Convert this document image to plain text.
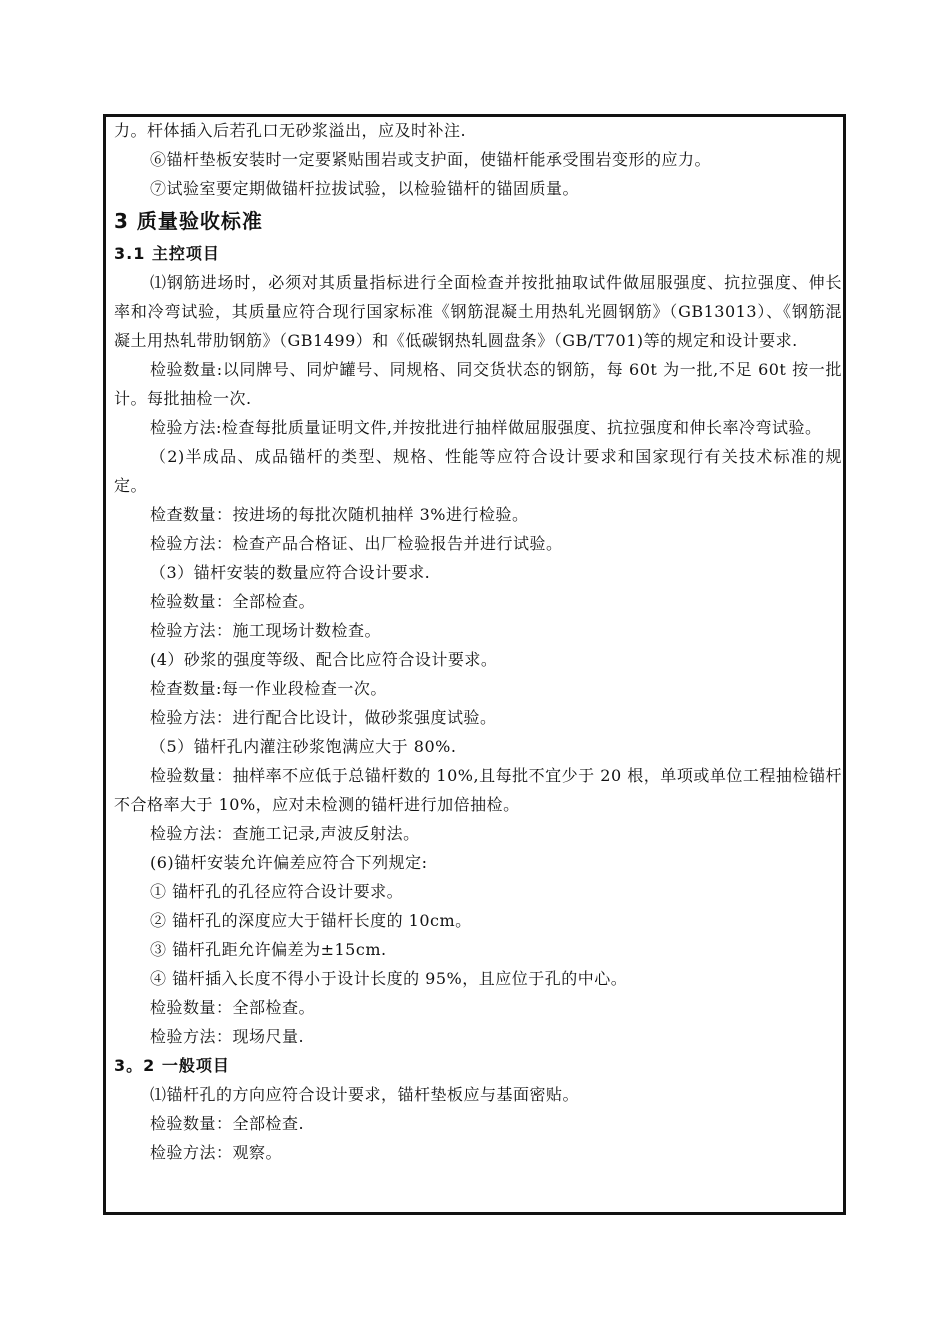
力。杆体插入后若孔口无砂浆溢出，应及时补注.

⑥锚杆垫板安装时一定要紧贴围岩或支护面，使锚杆能承受围岩变形的应力。

⑦试验室要定期做锚杆拉拔试验，以检验锚杆的锚固质量。

3 质量验收标准

3.1 主控项目

⑴钢筋进场时，必须对其质量指标进行全面检查并按批抽取试件做屈服强度、抗拉强度、伸长率和冷弯试验，其质量应符合现行国家标准《钢筋混凝土用热轧光圆钢筋》（GB13013）、《钢筋混凝土用热轧带肋钢筋》（GB1499）和《低碳钢热轧圆盘条》（GB/T701)等的规定和设计要求.

检验数量:以同牌号、同炉罐号、同规格、同交货状态的钢筋，每 60t 为一批,不足 60t 按一批计。每批抽检一次.

检验方法:检查每批质量证明文件,并按批进行抽样做屈服强度、抗拉强度和伸长率冷弯试验。

（2)半成品、成品锚杆的类型、规格、性能等应符合设计要求和国家现行有关技术标准的规定。

检查数量：按进场的每批次随机抽样 3%进行检验。

检验方法：检查产品合格证、出厂检验报告并进行试验。

（3）锚杆安装的数量应符合设计要求.

检验数量：全部检查。

检验方法：施工现场计数检查。

(4）砂浆的强度等级、配合比应符合设计要求。

检查数量:每一作业段检查一次。

检验方法：进行配合比设计，做砂浆强度试验。

（5）锚杆孔内灌注砂浆饱满应大于 80%.

检验数量：抽样率不应低于总锚杆数的 10%,且每批不宜少于 20 根，单项或单位工程抽检锚杆不合格率大于 10%，应对未检测的锚杆进行加倍抽检。

检验方法：查施工记录,声波反射法。

(6)锚杆安装允许偏差应符合下列规定:

① 锚杆孔的孔径应符合设计要求。

② 锚杆孔的深度应大于锚杆长度的 10cm。

③ 锚杆孔距允许偏差为±15cm.

④ 锚杆插入长度不得小于设计长度的 95%，且应位于孔的中心。

检验数量：全部检查。

检验方法：现场尺量.

3。2 一般项目

⑴锚杆孔的方向应符合设计要求，锚杆垫板应与基面密贴。

检验数量：全部检查.

检验方法：观察。
